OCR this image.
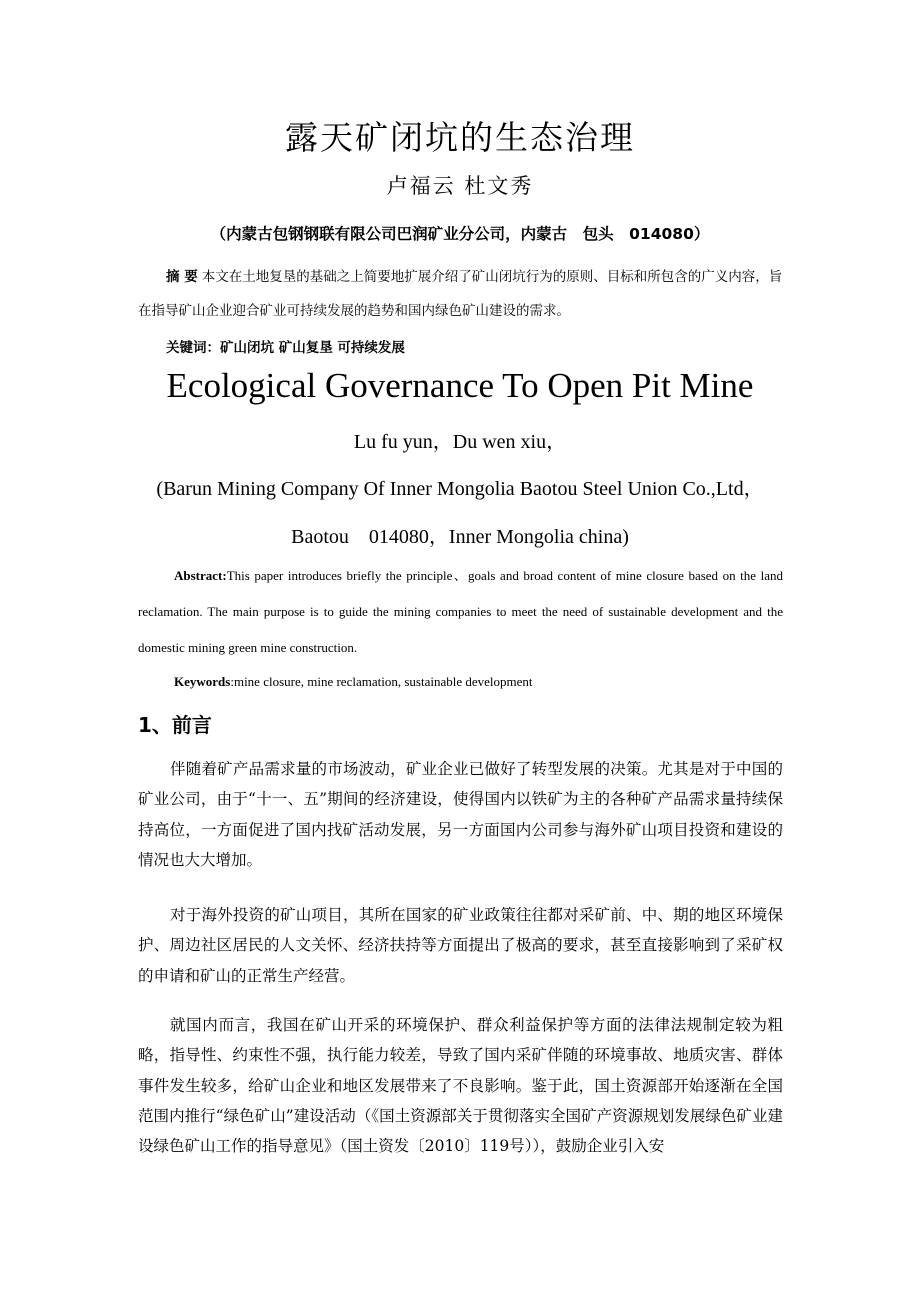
露天矿闭坑的生态治理
卢福云 杜文秀
（内蒙古包钢钢联有限公司巴润矿业分公司，内蒙古　包头　014080）
摘 要 本文在土地复垦的基础之上简要地扩展介绍了矿山闭坑行为的原则、目标和所包含的广义内容，旨在指导矿山企业迎合矿业可持续发展的趋势和国内绿色矿山建设的需求。
关键词：矿山闭坑 矿山复垦 可持续发展
Ecological Governance To Open Pit Mine
Lu fu yun，Du wen xiu，
(Barun Mining Company Of Inner Mongolia Baotou Steel Union Co.,Ltd，
Baotou　014080，Inner Mongolia china)
Abstract:This paper introduces briefly the principle、goals and broad content of mine closure based on the land reclamation. The main purpose is to guide the mining companies to meet the need of sustainable development and the domestic mining green mine construction.
Keywords:mine closure, mine reclamation, sustainable development
1、前言

伴随着矿产品需求量的市场波动，矿业企业已做好了转型发展的决策。尤其是对于中国的矿业公司，由于“十一、五”期间的经济建设，使得国内以铁矿为主的各种矿产品需求量持续保持高位，一方面促进了国内找矿活动发展，另一方面国内公司参与海外矿山项目投资和建设的情况也大大增加。

对于海外投资的矿山项目，其所在国家的矿业政策往往都对采矿前、中、期的地区环境保护、周边社区居民的人文关怀、经济扶持等方面提出了极高的要求，甚至直接影响到了采矿权的申请和矿山的正常生产经营。

就国内而言，我国在矿山开采的环境保护、群众利益保护等方面的法律法规制定较为粗略，指导性、约束性不强，执行能力较差，导致了国内采矿伴随的环境事故、地质灾害、群体事件发生较多，给矿山企业和地区发展带来了不良影响。鉴于此，国土资源部开始逐渐在全国范围内推行“绿色矿山”建设活动（《国土资源部关于贯彻落实全国矿产资源规划发展绿色矿业建设绿色矿山工作的指导意见》（国土资发〔2010〕119号）），鼓励企业引入安
